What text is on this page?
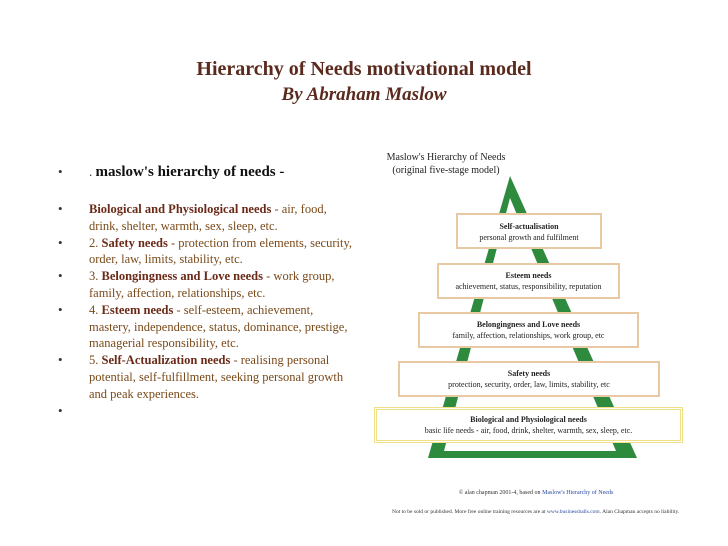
Hierarchy of Needs motivational model
By Abraham Maslow
• . maslow's hierarchy of needs -
• Biological and Physiological needs - air, food, drink, shelter, warmth, sex, sleep, etc.
• 2. Safety needs - protection from elements, security, order, law, limits, stability, etc.
• 3. Belongingness and Love needs - work group, family, affection, relationships, etc.
• 4. Esteem needs - self-esteem, achievement, mastery, independence, status, dominance, prestige, managerial responsibility, etc.
• 5. Self-Actualization needs - realising personal potential, self-fulfillment, seeking personal growth and peak experiences.
•

Maslow's Hierarchy of Needs
(original five-stage model)
Self-actualisation
personal growth and fulfilment
Esteem needs
achievement, status, responsibility, reputation
Belongingness and Love needs
family, affection, relationships, work group, etc
Safety needs
protection, security, order, law, limits, stability, etc
Biological and Physiological needs
basic life needs - air, food, drink, shelter, warmth, sex, sleep, etc.
© alan chapman 2001-4, based on Maslow's Hierarchy of Needs
Not to be sold or published. More free online training resources are at www.businessballs.com. Alan Chapman accepts no liability.
